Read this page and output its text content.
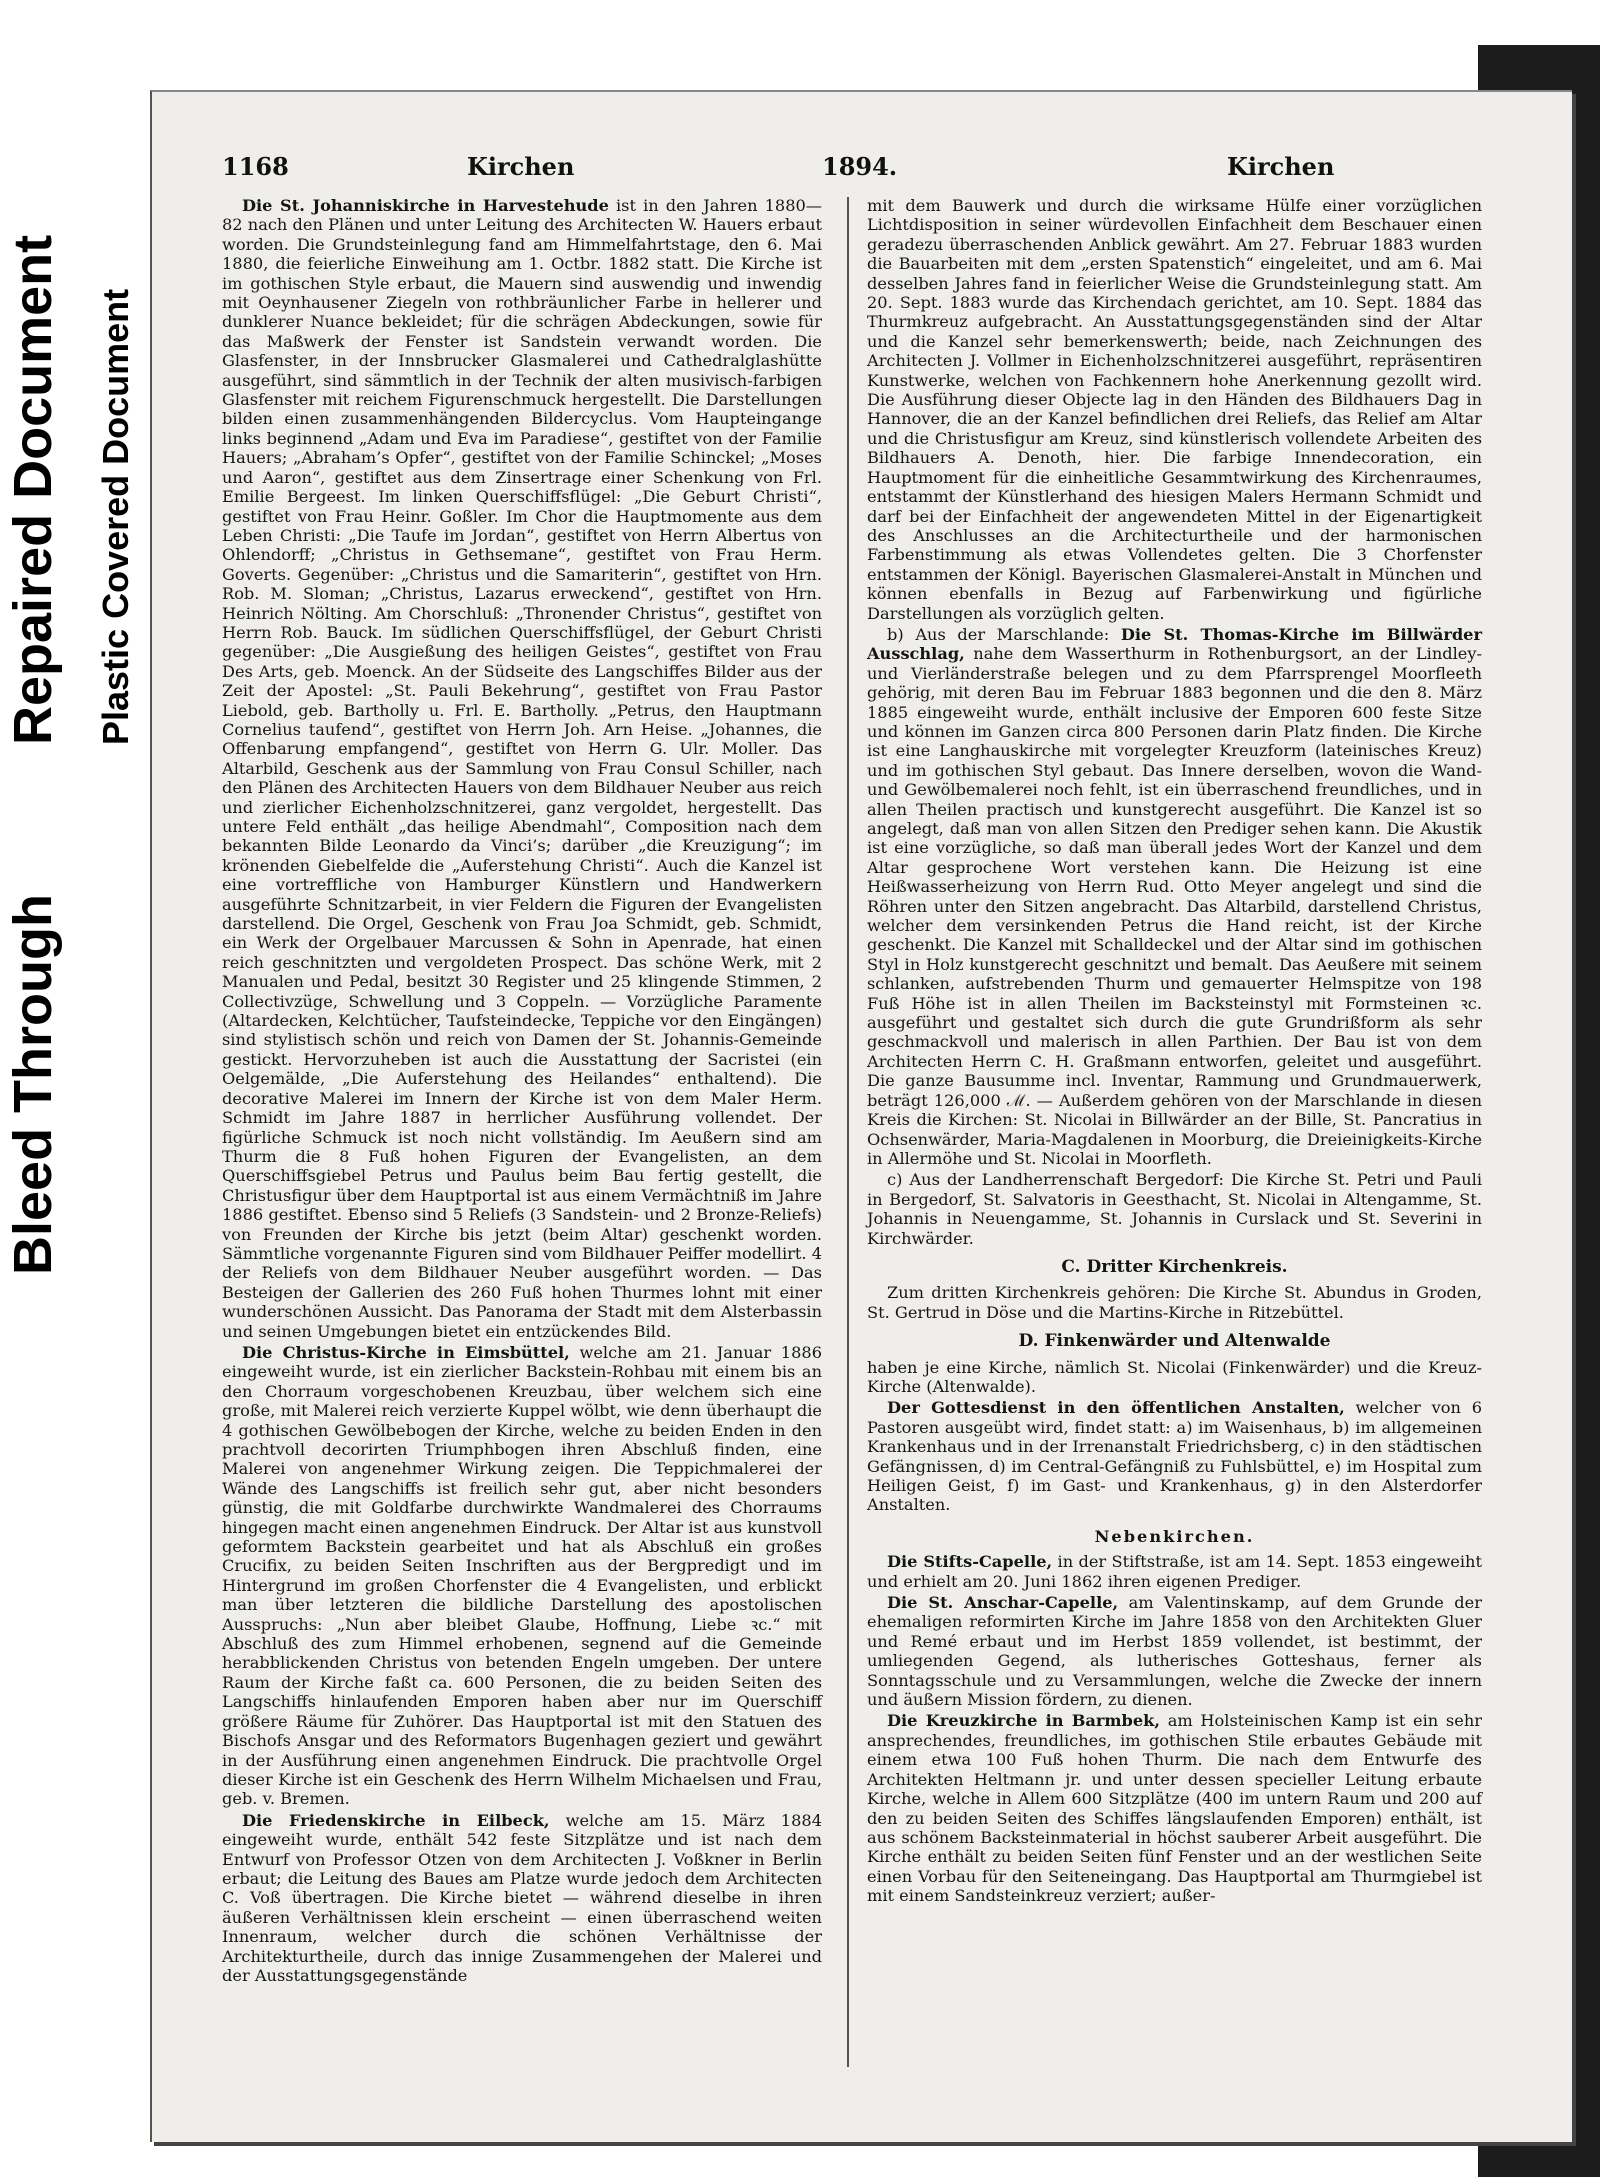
Bleed Through
Repaired Document Plastic Covered Document
1168	Kirchen	1894.	Kirchen

Die St. Johanniskirche in Harvestehude ist in den Jahren 1880—82 nach den Plänen und unter Leitung des Architecten W. Hauers erbaut worden. Die Grundsteinlegung fand am Himmelfahrtstage, den 6. Mai 1880, die feierliche Einweihung am 1. Octbr. 1882 statt. Die Kirche ist im gothischen Style erbaut, die Mauern sind auswendig und inwendig mit Oeynhausener Ziegeln von rothbräunlicher Farbe in hellerer und dunklerer Nuance bekleidet; für die schrägen Abdeckungen, sowie für das Maßwerk der Fenster ist Sandstein verwandt worden. Die Glasfenster, in der Innsbrucker Glasmalerei und Cathedralglashütte ausgeführt, sind sämmtlich in der Technik der alten musivisch-farbigen Glasfenster mit reichem Figurenschmuck hergestellt. Die Darstellungen bilden einen zusammenhängenden Bildercyclus. Vom Haupteingange links beginnend „Adam und Eva im Paradiese“, gestiftet von der Familie Hauers; „Abraham’s Opfer“, gestiftet von der Familie Schinckel; „Moses und Aaron“, gestiftet aus dem Zinsertrage einer Schenkung von Frl. Emilie Bergeest. Im linken Querschiffsflügel: „Die Geburt Christi“, gestiftet von Frau Heinr. Goßler. Im Chor die Hauptmomente aus dem Leben Christi: „Die Taufe im Jordan“, gestiftet von Herrn Albertus von Ohlendorff; „Christus in Gethsemane“, gestiftet von Frau Herm. Goverts. Gegenüber: „Christus und die Samariterin“, gestiftet von Hrn. Rob. M. Sloman; „Christus, Lazarus erweckend“, gestiftet von Hrn. Heinrich Nölting. Am Chorschluß: „Thronender Christus“, gestiftet von Herrn Rob. Bauck. Im südlichen Querschiffsflügel, der Geburt Christi gegenüber: „Die Ausgießung des heiligen Geistes“, gestiftet von Frau Des Arts, geb. Moenck. An der Südseite des Langschiffes Bilder aus der Zeit der Apostel: „St. Pauli Bekehrung“, gestiftet von Frau Pastor Liebold, geb. Bartholly u. Frl. E. Bartholly. „Petrus, den Hauptmann Cornelius taufend“, gestiftet von Herrn Joh. Arn Heise. „Johannes, die Offenbarung empfangend“, gestiftet von Herrn G. Ulr. Moller. Das Altarbild, Geschenk aus der Sammlung von Frau Consul Schiller, nach den Plänen des Architecten Hauers von dem Bildhauer Neuber aus reich und zierlicher Eichenholzschnitzerei, ganz vergoldet, hergestellt. Das untere Feld enthält „das heilige Abendmahl“, Composition nach dem bekannten Bilde Leonardo da Vinci’s; darüber „die Kreuzigung“; im krönenden Giebelfelde die „Auferstehung Christi“. Auch die Kanzel ist eine vortreffliche von Hamburger Künstlern und Handwerkern ausgeführte Schnitzarbeit, in vier Feldern die Figuren der Evangelisten darstellend. Die Orgel, Geschenk von Frau Joa Schmidt, geb. Schmidt, ein Werk der Orgelbauer Marcussen & Sohn in Apenrade, hat einen reich geschnitzten und vergoldeten Prospect. Das schöne Werk, mit 2 Manualen und Pedal, besitzt 30 Register und 25 klingende Stimmen, 2 Collectivzüge, Schwellung und 3 Coppeln. — Vorzügliche Paramente (Altardecken, Kelchtücher, Taufsteindecke, Teppiche vor den Eingängen) sind stylistisch schön und reich von Damen der St. Johannis-Gemeinde gestickt. Hervorzuheben ist auch die Ausstattung der Sacristei (ein Oelgemälde, „Die Auferstehung des Heilandes“ enthaltend). Die decorative Malerei im Innern der Kirche ist von dem Maler Herm. Schmidt im Jahre 1887 in herrlicher Ausführung vollendet. Der figürliche Schmuck ist noch nicht vollständig. Im Aeußern sind am Thurm die 8 Fuß hohen Figuren der Evangelisten, an dem Querschiffsgiebel Petrus und Paulus beim Bau fertig gestellt, die Christusfigur über dem Hauptportal ist aus einem Vermächtniß im Jahre 1886 gestiftet. Ebenso sind 5 Reliefs (3 Sandstein- und 2 Bronze-Reliefs) von Freunden der Kirche bis jetzt (beim Altar) geschenkt worden. Sämmtliche vorgenannte Figuren sind vom Bildhauer Peiffer modellirt. 4 der Reliefs von dem Bildhauer Neuber ausgeführt worden. — Das Besteigen der Gallerien des 260 Fuß hohen Thurmes lohnt mit einer wunderschönen Aussicht. Das Panorama der Stadt mit dem Alsterbassin und seinen Umgebungen bietet ein entzückendes Bild.

Die Christus-Kirche in Eimsbüttel, welche am 21. Januar 1886 eingeweiht wurde, ist ein zierlicher Backstein-Rohbau mit einem bis an den Chorraum vorgeschobenen Kreuzbau, über welchem sich eine große, mit Malerei reich verzierte Kuppel wölbt, wie denn überhaupt die 4 gothischen Gewölbebogen der Kirche, welche zu beiden Enden in den prachtvoll decorirten Triumphbogen ihren Abschluß finden, eine Malerei von angenehmer Wirkung zeigen. Die Teppichmalerei der Wände des Langschiffs ist freilich sehr gut, aber nicht besonders günstig, die mit Goldfarbe durchwirkte Wandmalerei des Chorraums hingegen macht einen angenehmen Eindruck. Der Altar ist aus kunstvoll geformtem Backstein gearbeitet und hat als Abschluß ein großes Crucifix, zu beiden Seiten Inschriften aus der Bergpredigt und im Hintergrund im großen Chorfenster die 4 Evangelisten, und erblickt man über letzteren die bildliche Darstellung des apostolischen Ausspruchs: „Nun aber bleibet Glaube, Hoffnung, Liebe ꝛc.“ mit Abschluß des zum Himmel erhobenen, segnend auf die Gemeinde herabblickenden Christus von betenden Engeln umgeben. Der untere Raum der Kirche faßt ca. 600 Personen, die zu beiden Seiten des Langschiffs hinlaufenden Emporen haben aber nur im Querschiff größere Räume für Zuhörer. Das Hauptportal ist mit den Statuen des Bischofs Ansgar und des Reformators Bugenhagen geziert und gewährt in der Ausführung einen angenehmen Eindruck. Die prachtvolle Orgel dieser Kirche ist ein Geschenk des Herrn Wilhelm Michaelsen und Frau, geb. v. Bremen.

Die Friedenskirche in Eilbeck, welche am 15. März 1884 eingeweiht wurde, enthält 542 feste Sitzplätze und ist nach dem Entwurf von Professor Otzen von dem Architecten J. Voßkner in Berlin erbaut; die Leitung des Baues am Platze wurde jedoch dem Architecten C. Voß übertragen. Die Kirche bietet — während dieselbe in ihren äußeren Verhältnissen klein erscheint — einen überraschend weiten Innenraum, welcher durch die schönen Verhältnisse der Architekturtheile, durch das innige Zusammengehen der Malerei und der Ausstattungsgegenstände

mit dem Bauwerk und durch die wirksame Hülfe einer vorzüglichen Lichtdisposition in seiner würdevollen Einfachheit dem Beschauer einen geradezu überraschenden Anblick gewährt. Am 27. Februar 1883 wurden die Bauarbeiten mit dem „ersten Spatenstich“ eingeleitet, und am 6. Mai desselben Jahres fand in feierlicher Weise die Grundsteinlegung statt. Am 20. Sept. 1883 wurde das Kirchendach gerichtet, am 10. Sept. 1884 das Thurmkreuz aufgebracht. An Ausstattungsgegenständen sind der Altar und die Kanzel sehr bemerkenswerth; beide, nach Zeichnungen des Architecten J. Vollmer in Eichenholzschnitzerei ausgeführt, repräsentiren Kunstwerke, welchen von Fachkennern hohe Anerkennung gezollt wird. Die Ausführung dieser Objecte lag in den Händen des Bildhauers Dag in Hannover, die an der Kanzel befindlichen drei Reliefs, das Relief am Altar und die Christusfigur am Kreuz, sind künstlerisch vollendete Arbeiten des Bildhauers A. Denoth, hier. Die farbige Innendecoration, ein Hauptmoment für die einheitliche Gesammtwirkung des Kirchenraumes, entstammt der Künstlerhand des hiesigen Malers Hermann Schmidt und darf bei der Einfachheit der angewendeten Mittel in der Eigenartigkeit des Anschlusses an die Architecturtheile und der harmonischen Farbenstimmung als etwas Vollendetes gelten. Die 3 Chorfenster entstammen der Königl. Bayerischen Glasmalerei-Anstalt in München und können ebenfalls in Bezug auf Farbenwirkung und figürliche Darstellungen als vorzüglich gelten.

b) Aus der Marschlande: Die St. Thomas-Kirche im Billwärder Ausschlag, nahe dem Wasserthurm in Rothenburgsort, an der Lindley- und Vierländerstraße belegen und zu dem Pfarrsprengel Moorfleeth gehörig, mit deren Bau im Februar 1883 begonnen und die den 8. März 1885 eingeweiht wurde, enthält inclusive der Emporen 600 feste Sitze und können im Ganzen circa 800 Personen darin Platz finden. Die Kirche ist eine Langhauskirche mit vorgelegter Kreuzform (lateinisches Kreuz) und im gothischen Styl gebaut. Das Innere derselben, wovon die Wand- und Gewölbemalerei noch fehlt, ist ein überraschend freundliches, und in allen Theilen practisch und kunstgerecht ausgeführt. Die Kanzel ist so angelegt, daß man von allen Sitzen den Prediger sehen kann. Die Akustik ist eine vorzügliche, so daß man überall jedes Wort der Kanzel und dem Altar gesprochene Wort verstehen kann. Die Heizung ist eine Heißwasserheizung von Herrn Rud. Otto Meyer angelegt und sind die Röhren unter den Sitzen angebracht. Das Altarbild, darstellend Christus, welcher dem versinkenden Petrus die Hand reicht, ist der Kirche geschenkt. Die Kanzel mit Schalldeckel und der Altar sind im gothischen Styl in Holz kunstgerecht geschnitzt und bemalt. Das Aeußere mit seinem schlanken, aufstrebenden Thurm und gemauerter Helmspitze von 198 Fuß Höhe ist in allen Theilen im Backsteinstyl mit Formsteinen ꝛc. ausgeführt und gestaltet sich durch die gute Grundrißform als sehr geschmackvoll und malerisch in allen Parthien. Der Bau ist von dem Architecten Herrn C. H. Graßmann entworfen, geleitet und ausgeführt. Die ganze Bausumme incl. Inventar, Rammung und Grundmauerwerk, beträgt 126,000 ℳ. — Außerdem gehören von der Marschlande in diesen Kreis die Kirchen: St. Nicolai in Billwärder an der Bille, St. Pancratius in Ochsenwärder, Maria-Magdalenen in Moorburg, die Dreieinigkeits-Kirche in Allermöhe und St. Nicolai in Moorfleth.

c) Aus der Landherrenschaft Bergedorf: Die Kirche St. Petri und Pauli in Bergedorf, St. Salvatoris in Geesthacht, St. Nicolai in Altengamme, St. Johannis in Neuengamme, St. Johannis in Curslack und St. Severini in Kirchwärder.

C. Dritter Kirchenkreis.

Zum dritten Kirchenkreis gehören: Die Kirche St. Abundus in Groden, St. Gertrud in Döse und die Martins-Kirche in Ritzebüttel.

D. Finkenwärder und Altenwalde

haben je eine Kirche, nämlich St. Nicolai (Finkenwärder) und die Kreuz-Kirche (Altenwalde).

Der Gottesdienst in den öffentlichen Anstalten, welcher von 6 Pastoren ausgeübt wird, findet statt: a) im Waisenhaus, b) im allgemeinen Krankenhaus und in der Irrenanstalt Friedrichsberg, c) in den städtischen Gefängnissen, d) im Central-Gefängniß zu Fuhlsbüttel, e) im Hospital zum Heiligen Geist, f) im Gast- und Krankenhaus, g) in den Alsterdorfer Anstalten.

Nebenkirchen.

Die Stifts-Capelle, in der Stiftstraße, ist am 14. Sept. 1853 eingeweiht und erhielt am 20. Juni 1862 ihren eigenen Prediger.

Die St. Anschar-Capelle, am Valentinskamp, auf dem Grunde der ehemaligen reformirten Kirche im Jahre 1858 von den Architekten Gluer und Remé erbaut und im Herbst 1859 vollendet, ist bestimmt, der umliegenden Gegend, als lutherisches Gotteshaus, ferner als Sonntagsschule und zu Versammlungen, welche die Zwecke der innern und äußern Mission fördern, zu dienen.

Die Kreuzkirche in Barmbek, am Holsteinischen Kamp ist ein sehr ansprechendes, freundliches, im gothischen Stile erbautes Gebäude mit einem etwa 100 Fuß hohen Thurm. Die nach dem Entwurfe des Architekten Heltmann jr. und unter dessen specieller Leitung erbaute Kirche, welche in Allem 600 Sitzplätze (400 im untern Raum und 200 auf den zu beiden Seiten des Schiffes längslaufenden Emporen) enthält, ist aus schönem Backsteinmaterial in höchst sauberer Arbeit ausgeführt. Die Kirche enthält zu beiden Seiten fünf Fenster und an der westlichen Seite einen Vorbau für den Seiteneingang. Das Hauptportal am Thurmgiebel ist mit einem Sandsteinkreuz verziert; außer-
